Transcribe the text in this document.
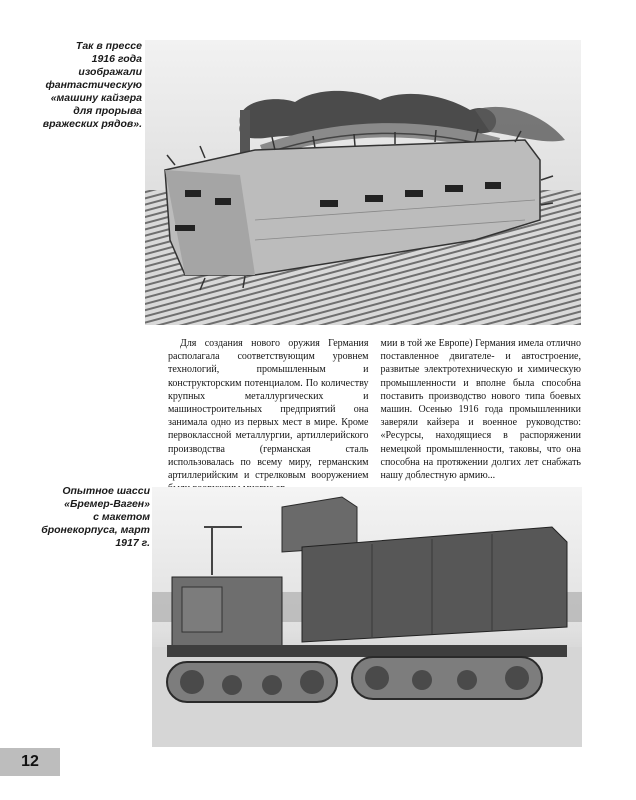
Так в прессе
1916 года
изображали
фантастическую
«машину кайзера
для прорыва
вражеских рядов».
Для создания нового оружия Германия располагала соответствующим уровнем технологий, промышленным и конструкторским потенциалом. По количеству крупных металлургических и машиностроительных предприятий она занимала одно из первых мест в мире. Кроме первоклассной металлургии, артиллерийского производства (германская сталь использовалась по всему миру, германским артиллерийским и стрелковым вооружением
мии в той же Европе) Германия имела отлично поставленное двигателе- и автостроение, развитые электротехническую и химическую промышленности и вполне была способна поставить производство нового типа боевых машин. Осенью 1916 года промышленники заверяли кайзера и военное руководство: «Ресурсы, находящиеся в распоряжении немецкой промышленности, таковы, что она способна на протяжении долгих лет снабжать нашу доблестную армию...
Опытное шасси
«Бремер-Ваген»
с макетом
бронекорпуса, март
1917 г.
12
